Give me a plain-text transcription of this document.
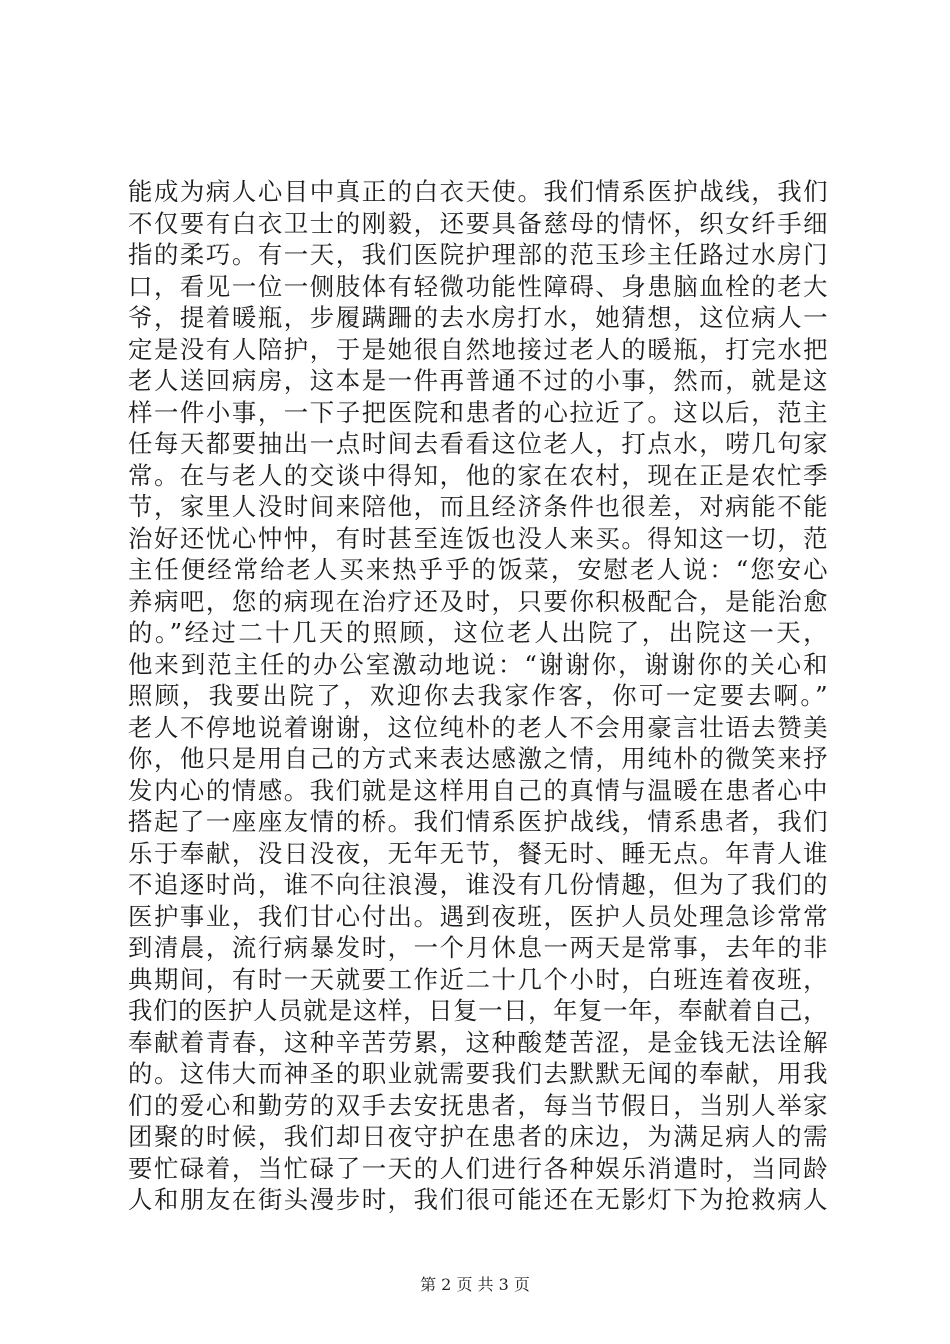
能成为病人心目中真正的白衣天使。我们情系医护战线，我们
不仅要有白衣卫士的刚毅，还要具备慈母的情怀，织女纤手细
指的柔巧。有一天，我们医院护理部的范玉珍主任路过水房门
口，看见一位一侧肢体有轻微功能性障碍、身患脑血栓的老大
爷，提着暖瓶，步履蹒跚的去水房打水，她猜想，这位病人一
定是没有人陪护，于是她很自然地接过老人的暖瓶，打完水把
老人送回病房，这本是一件再普通不过的小事，然而，就是这
样一件小事，一下子把医院和患者的心拉近了。这以后，范主
任每天都要抽出一点时间去看看这位老人，打点水，唠几句家
常。在与老人的交谈中得知，他的家在农村，现在正是农忙季
节，家里人没时间来陪他，而且经济条件也很差，对病能不能
治好还忧心忡忡，有时甚至连饭也没人来买。得知这一切，范
主任便经常给老人买来热乎乎的饭菜，安慰老人说：“您安心
养病吧，您的病现在治疗还及时，只要你积极配合，是能治愈
的。”经过二十几天的照顾，这位老人出院了，出院这一天，
他来到范主任的办公室激动地说：“谢谢你，谢谢你的关心和
照顾，我要出院了，欢迎你去我家作客，你可一定要去啊。”
老人不停地说着谢谢，这位纯朴的老人不会用豪言壮语去赞美
你，他只是用自己的方式来表达感激之情，用纯朴的微笑来抒
发内心的情感。我们就是这样用自己的真情与温暖在患者心中
搭起了一座座友情的桥。我们情系医护战线，情系患者，我们
乐于奉献，没日没夜，无年无节，餐无时、睡无点。年青人谁
不追逐时尚，谁不向往浪漫，谁没有几份情趣，但为了我们的
医护事业，我们甘心付出。遇到夜班，医护人员处理急诊常常
到清晨，流行病暴发时，一个月休息一两天是常事，去年的非
典期间，有时一天就要工作近二十几个小时，白班连着夜班，
我们的医护人员就是这样，日复一日，年复一年，奉献着自己，
奉献着青春，这种辛苦劳累，这种酸楚苦涩，是金钱无法诠解
的。这伟大而神圣的职业就需要我们去默默无闻的奉献，用我
们的爱心和勤劳的双手去安抚患者，每当节假日，当别人举家
团聚的时候，我们却日夜守护在患者的床边，为满足病人的需
要忙碌着，当忙碌了一天的人们进行各种娱乐消遣时，当同龄
人和朋友在街头漫步时，我们很可能还在无影灯下为抢救病人
第 2 页 共 3 页
